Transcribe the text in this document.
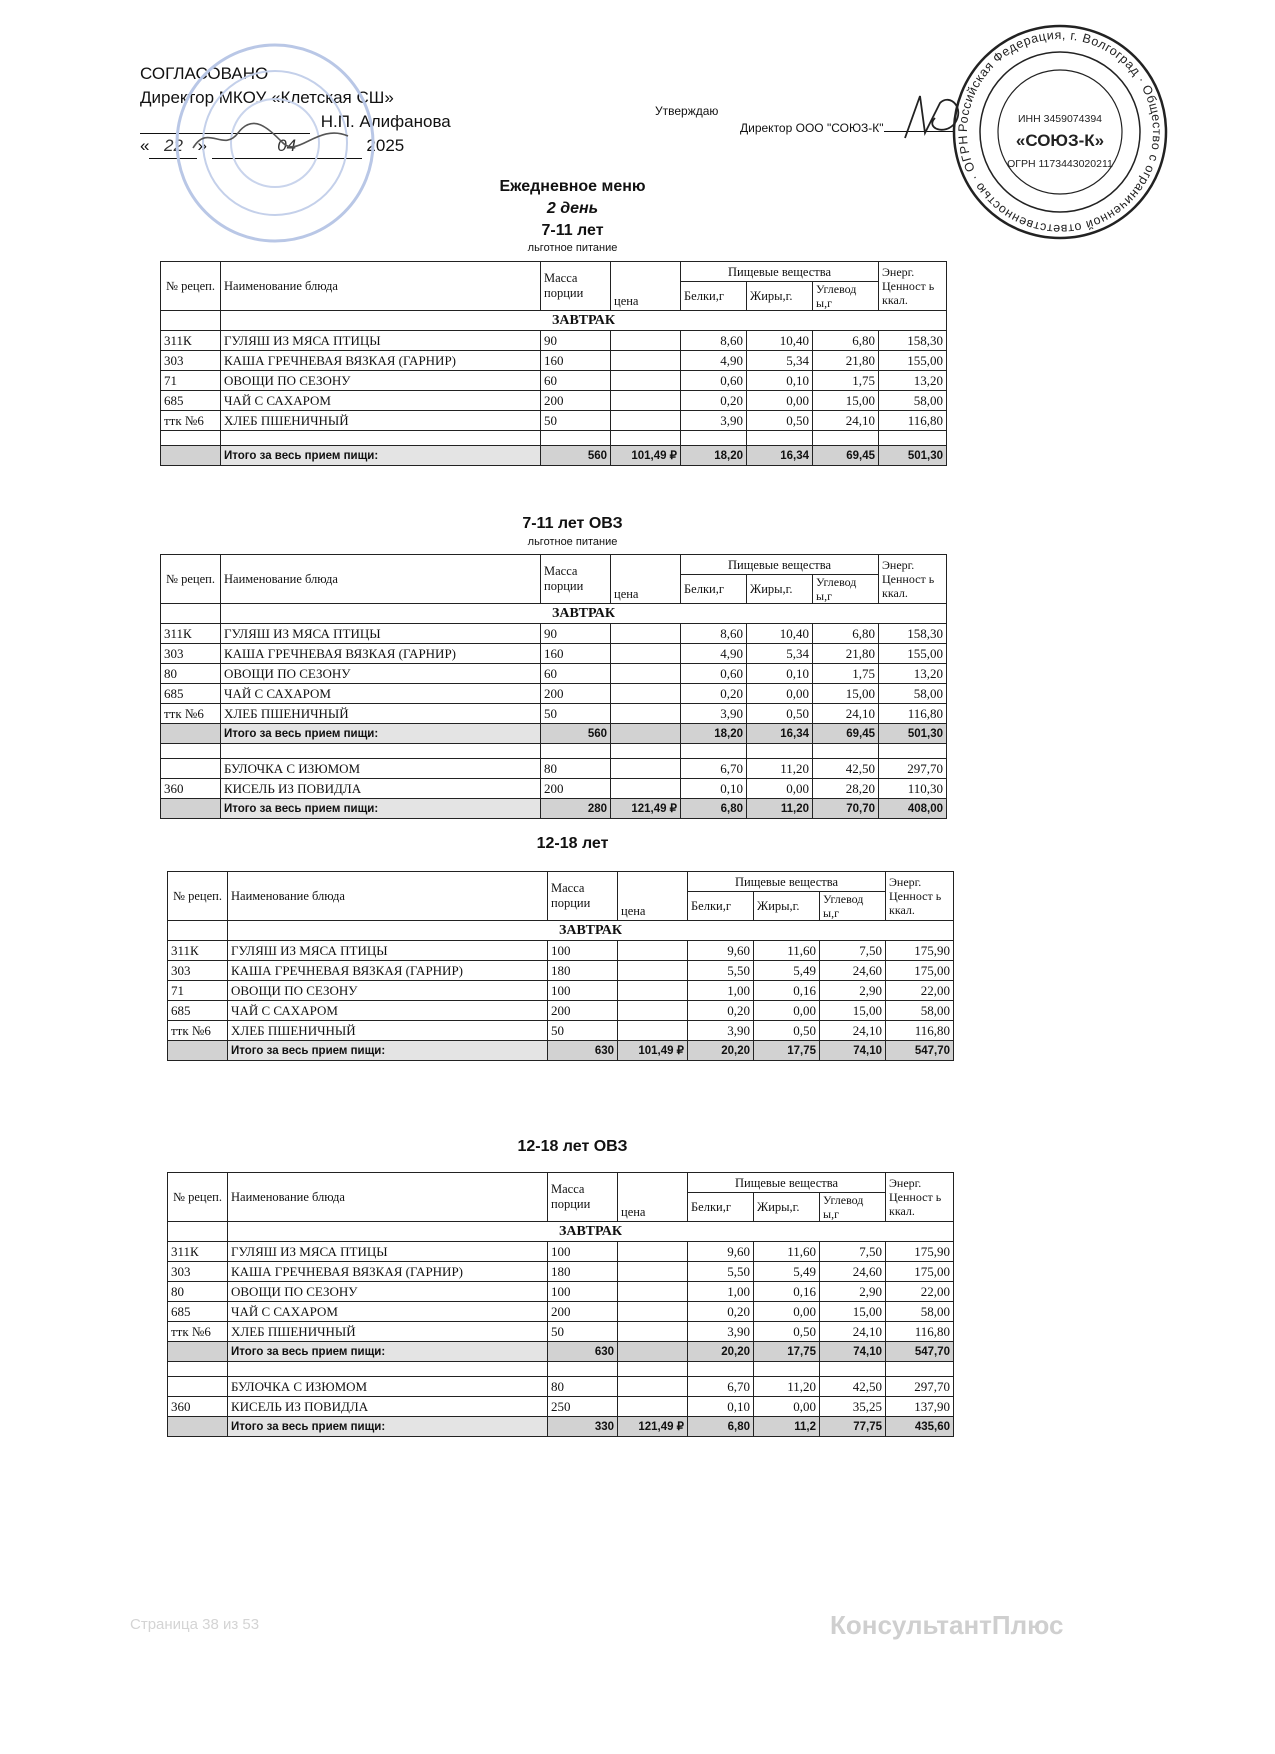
СОГЛАСОВАНО
Директор МКОУ «Клетская СШ»
Н.П. Алифанова
« 22 »	04	2025
Утверждаю
Директор ООО "СОЮЗ-К"	Российская Федерация, г. Волгоград · Общество с ограниченной ответственностью · ОГРН
ИНН 3459074394
«СОЮЗ-К»
ОГРН 1173443020211
Ежедневное меню
2 день
7-11 лет
льготное питание
7-11 лет ОВЗ
льготное питание
12-18 лет
12-18 лет ОВЗ
№ рецеп.	Наименование блюда	Масса порции	цена	Пищевые вещества			Энерг. Ценност ь ккал.
				Белки,г	Жиры,г.	Углевод ы,г	
	ЗАВТРАК						
311К	ГУЛЯШ ИЗ МЯСА ПТИЦЫ	90		8,60	10,40	6,80	158,30
303	КАША ГРЕЧНЕВАЯ ВЯЗКАЯ (ГАРНИР)	160		4,90	5,34	21,80	155,00
71	ОВОЩИ ПО СЕЗОНУ	60		0,60	0,10	1,75	13,20
685	ЧАЙ С САХАРОМ	200		0,20	0,00	15,00	58,00
ттк №6	ХЛЕБ ПШЕНИЧНЫЙ	50		3,90	0,50	24,10	116,80

	Итого за весь прием пищи:	560	101,49 ₽	18,20	16,34	69,45	501,30
№ рецеп.	Наименование блюда	Масса порции	цена	Пищевые вещества			Энерг. Ценност ь ккал.
				Белки,г	Жиры,г.	Углевод ы,г	
	ЗАВТРАК						
311К	ГУЛЯШ ИЗ МЯСА ПТИЦЫ	90		8,60	10,40	6,80	158,30
303	КАША ГРЕЧНЕВАЯ ВЯЗКАЯ (ГАРНИР)	160		4,90	5,34	21,80	155,00
80	ОВОЩИ ПО СЕЗОНУ	60		0,60	0,10	1,75	13,20
685	ЧАЙ С САХАРОМ	200		0,20	0,00	15,00	58,00
ттк №6	ХЛЕБ ПШЕНИЧНЫЙ	50		3,90	0,50	24,10	116,80
	Итого за весь прием пищи:	560		18,20	16,34	69,45	501,30

	БУЛОЧКА С ИЗЮМОМ	80		6,70	11,20	42,50	297,70
360	КИСЕЛЬ ИЗ ПОВИДЛА	200		0,10	0,00	28,20	110,30
	Итого за весь прием пищи:	280	121,49 ₽	6,80	11,20	70,70	408,00
№ рецеп.	Наименование блюда	Масса порции	цена	Пищевые вещества			Энерг. Ценност ь ккал.
				Белки,г	Жиры,г.	Углевод ы,г	
	ЗАВТРАК						
311К	ГУЛЯШ ИЗ МЯСА ПТИЦЫ	100		9,60	11,60	7,50	175,90
303	КАША ГРЕЧНЕВАЯ ВЯЗКАЯ (ГАРНИР)	180		5,50	5,49	24,60	175,00
71	ОВОЩИ ПО СЕЗОНУ	100		1,00	0,16	2,90	22,00
685	ЧАЙ С САХАРОМ	200		0,20	0,00	15,00	58,00
ттк №6	ХЛЕБ ПШЕНИЧНЫЙ	50		3,90	0,50	24,10	116,80
	Итого за весь прием пищи:	630	101,49 ₽	20,20	17,75	74,10	547,70
№ рецеп.	Наименование блюда	Масса порции	цена	Пищевые вещества			Энерг. Ценност ь ккал.
				Белки,г	Жиры,г.	Углевод ы,г	
	ЗАВТРАК						
311К	ГУЛЯШ ИЗ МЯСА ПТИЦЫ	100		9,60	11,60	7,50	175,90
303	КАША ГРЕЧНЕВАЯ ВЯЗКАЯ (ГАРНИР)	180		5,50	5,49	24,60	175,00
80	ОВОЩИ ПО СЕЗОНУ	100		1,00	0,16	2,90	22,00
685	ЧАЙ С САХАРОМ	200		0,20	0,00	15,00	58,00
ттк №6	ХЛЕБ ПШЕНИЧНЫЙ	50		3,90	0,50	24,10	116,80
	Итого за весь прием пищи:	630		20,20	17,75	74,10	547,70

	БУЛОЧКА С ИЗЮМОМ	80		6,70	11,20	42,50	297,70
360	КИСЕЛЬ ИЗ ПОВИДЛА	250		0,10	0,00	35,25	137,90
	Итого за весь прием пищи:	330	121,49 ₽	6,80	11,2	77,75	435,60
КонсультантПлюс
Страница 38 из 53
